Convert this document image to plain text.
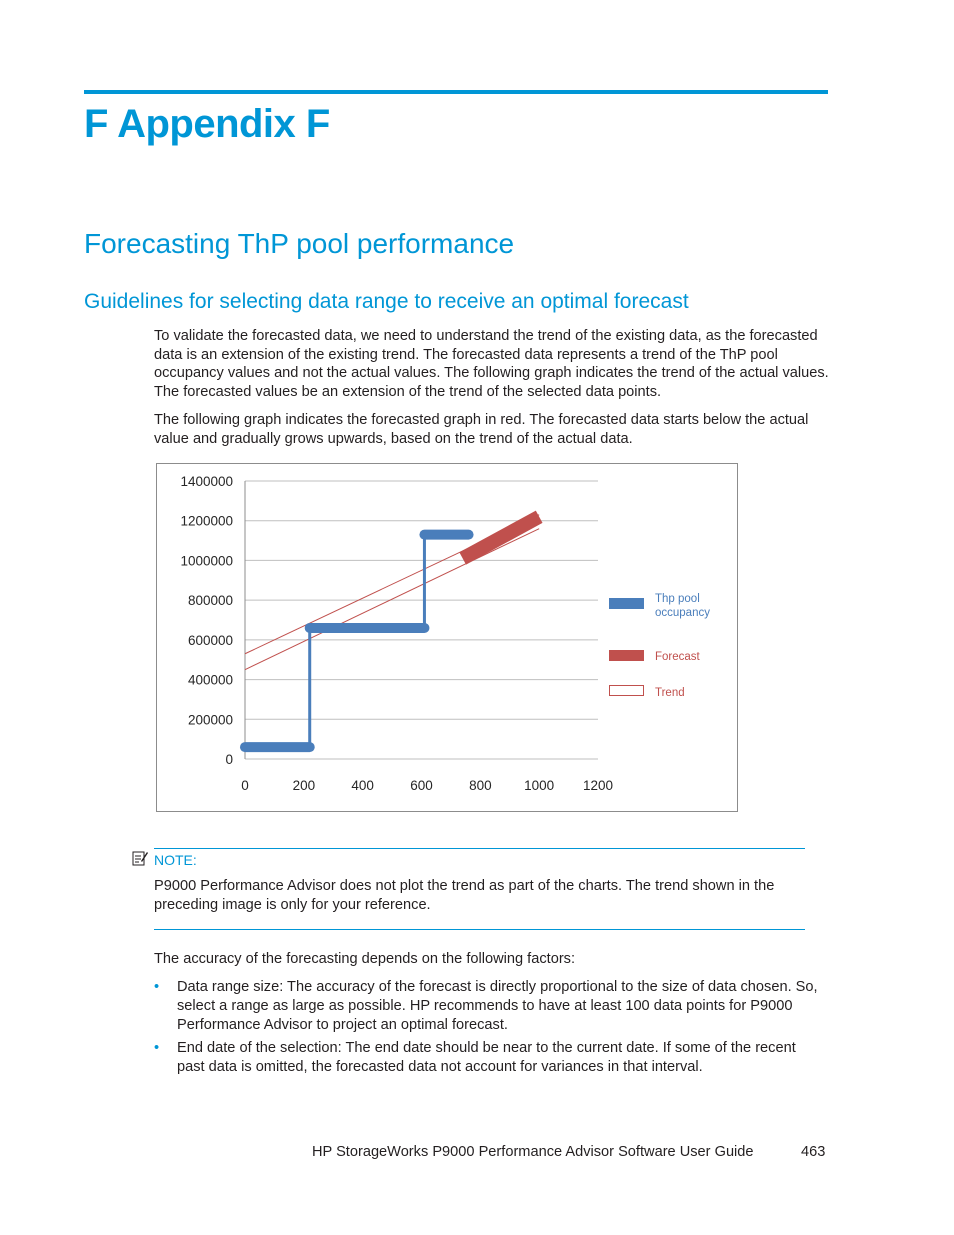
F Appendix F
Forecasting ThP pool performance
Guidelines for selecting data range to receive an optimal forecast

To validate the forecasted data, we need to understand the trend of the existing data, as the forecasted data is an extension of the existing trend. The forecasted data represents a trend of the ThP pool occupancy values and not the actual values. The following graph indicates the trend of the actual values. The forecasted values be an extension of the trend of the selected data points.

The following graph indicates the forecasted graph in red. The forecasted data starts below the actual value and gradually grows upwards, based on the trend of the actual data.

0
200000
400000
600000
800000
1000000
1200000
1400000
0	200	400	600	800 1000 1200
Thp pool occupancy
Forecast
Trend

NOTE:

P9000 Performance Advisor does not plot the trend as part of the charts. The trend shown in the preceding image is only for your reference.

The accuracy of the forecasting depends on the following factors:

• Data range size: The accuracy of the forecast is directly proportional to the size of data chosen. So, select a range as large as possible. HP recommends to have at least 100 data points for P9000 Performance Advisor to project an optimal forecast.
• End date of the selection: The end date should be near to the current date. If some of the recent past data is omitted, the forecasted data not account for variances in that interval.

HP StorageWorks P9000 Performance Advisor Software User Guide	463
